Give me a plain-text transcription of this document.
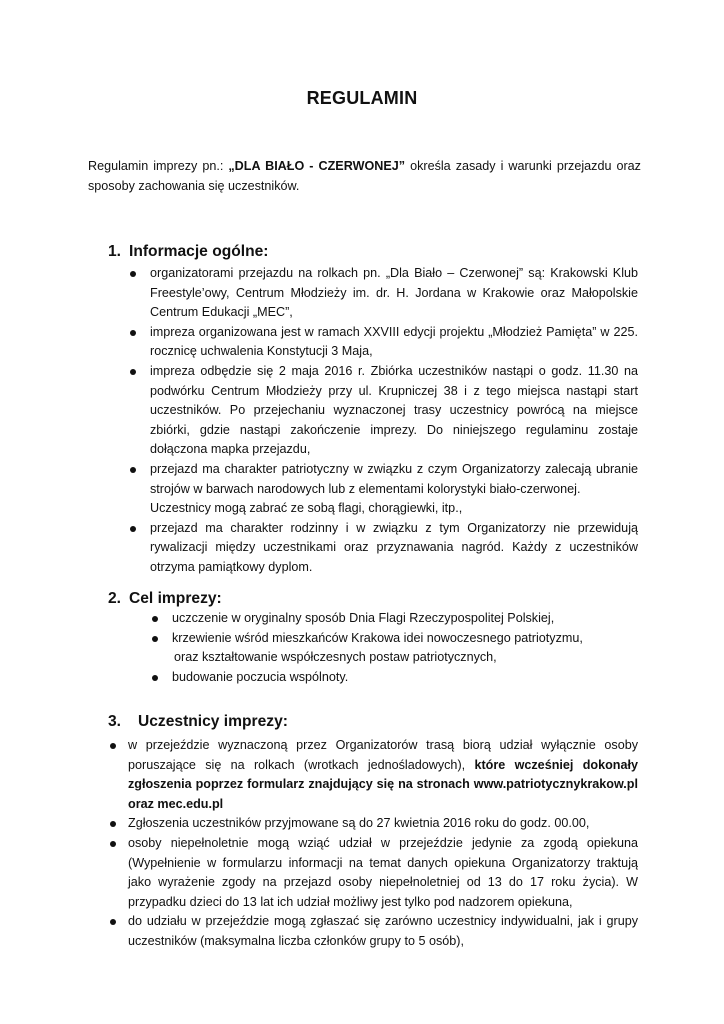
REGULAMIN
Regulamin imprezy pn.: „DLA BIAŁO - CZERWONEJ” określa zasady i warunki przejazdu oraz sposoby zachowania się uczestników.
1. Informacje ogólne:
organizatorami przejazdu na rolkach pn. „Dla Biało – Czerwonej” są: Krakowski Klub Freestyle’owy, Centrum Młodzieży im. dr. H. Jordana w Krakowie oraz Małopolskie Centrum Edukacji „MEC”,
impreza organizowana jest w ramach XXVIII edycji projektu „Młodzież Pamięta” w 225. rocznicę uchwalenia Konstytucji 3 Maja,
impreza odbędzie się 2 maja 2016 r. Zbiórka uczestników nastąpi o godz. 11.30 na podwórku Centrum Młodzieży przy ul. Krupniczej 38 i z tego miejsca nastąpi start uczestników. Po przejechaniu wyznaczonej trasy uczestnicy powrócą na miejsce zbiórki, gdzie nastąpi zakończenie imprezy. Do niniejszego regulaminu zostaje dołączona mapka przejazdu,
przejazd ma charakter patriotyczny w związku z czym Organizatorzy zalecają ubranie strojów w barwach narodowych lub z elementami kolorystyki biało-czerwonej.
Uczestnicy mogą zabrać ze sobą flagi, chorągiewki, itp.,
przejazd ma charakter rodzinny i w związku z tym Organizatorzy nie przewidują rywalizacji między uczestnikami oraz przyznawania nagród. Każdy z uczestników otrzyma pamiątkowy dyplom.
2. Cel imprezy:
uczczenie w oryginalny sposób Dnia Flagi Rzeczypospolitej Polskiej,
krzewienie wśród mieszkańców Krakowa idei nowoczesnego patriotyzmu,
oraz kształtowanie współczesnych postaw patriotycznych,
budowanie poczucia wspólnoty.
3. Uczestnicy imprezy:
w przejeździe wyznaczoną przez Organizatorów trasą biorą udział wyłącznie osoby poruszające się na rolkach (wrotkach jednośladowych), które wcześniej dokonały zgłoszenia poprzez formularz znajdujący się na stronach www.patriotycznykrakow.pl oraz mec.edu.pl
Zgłoszenia uczestników przyjmowane są do 27 kwietnia 2016 roku do godz. 00.00,
osoby niepełnoletnie mogą wziąć udział w przejeździe jedynie za zgodą opiekuna (Wypełnienie w formularzu informacji na temat danych opiekuna Organizatorzy traktują jako wyrażenie zgody na przejazd osoby niepełnoletniej od 13 do 17 roku życia). W przypadku dzieci do 13 lat ich udział możliwy jest tylko pod nadzorem opiekuna,
do udziału w przejeździe mogą zgłaszać się zarówno uczestnicy indywidualni, jak i grupy uczestników (maksymalna liczba członków grupy to 5 osób),
